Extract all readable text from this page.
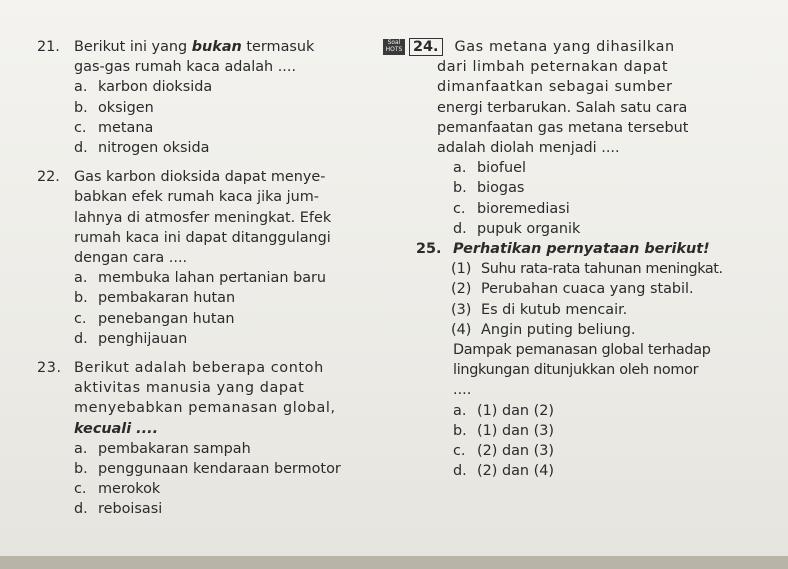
21. Berikut ini yang bukan termasuk
gas-gas rumah kaca adalah ....
a. karbon dioksida
b. oksigen
c. metana
d. nitrogen oksida
22. Gas karbon dioksida dapat menye-
babkan efek rumah kaca jika jum-
lahnya di atmosfer meningkat. Efek
rumah kaca ini dapat ditanggulangi
dengan cara ....
a. membuka lahan pertanian baru
b. pembakaran hutan
c. penebangan hutan
d. penghijauan
23. Berikut adalah beberapa contoh
aktivitas manusia yang dapat
menyebabkan pemanasan global,
kecuali ....
a. pembakaran sampah
b. penggunaan kendaraan bermotor
c. merokok
d. reboisasi
Soal
HOTS 24.	Gas metana yang dihasilkan
dari limbah peternakan dapat
dimanfaatkan sebagai sumber
energi terbarukan. Salah satu cara
pemanfaatan gas metana tersebut
adalah diolah menjadi ....
a. biofuel
b. biogas
c. bioremediasi
d. pupuk organik
25. Perhatikan pernyataan berikut!
(1) Suhu rata-rata tahunan meningkat.
(2) Perubahan cuaca yang stabil.
(3) Es di kutub mencair.
(4) Angin puting beliung.
Dampak pemanasan global terhadap
lingkungan ditunjukkan oleh nomor
....
a. (1) dan (2)
b. (1) dan (3)
c. (2) dan (3)
d. (2) dan (4)
